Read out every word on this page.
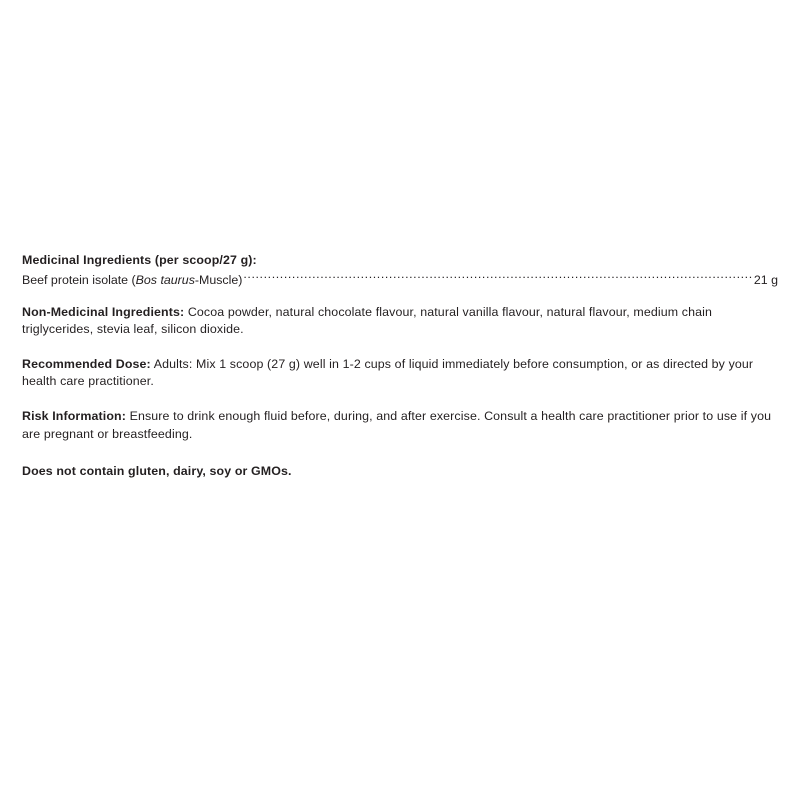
Medicinal Ingredients (per scoop/27 g):
Beef protein isolate (Bos taurus-Muscle) .....	21 g
Non-Medicinal Ingredients: Cocoa powder, natural chocolate flavour, natural vanilla flavour, natural flavour, medium chain triglycerides, stevia leaf, silicon dioxide.
Recommended Dose: Adults: Mix 1 scoop (27 g) well in 1-2 cups of liquid immediately before consumption, or as directed by your health care practitioner.
Risk Information: Ensure to drink enough fluid before, during, and after exercise. Consult a health care practitioner prior to use if you are pregnant or breastfeeding.
Does not contain gluten, dairy, soy or GMOs.
